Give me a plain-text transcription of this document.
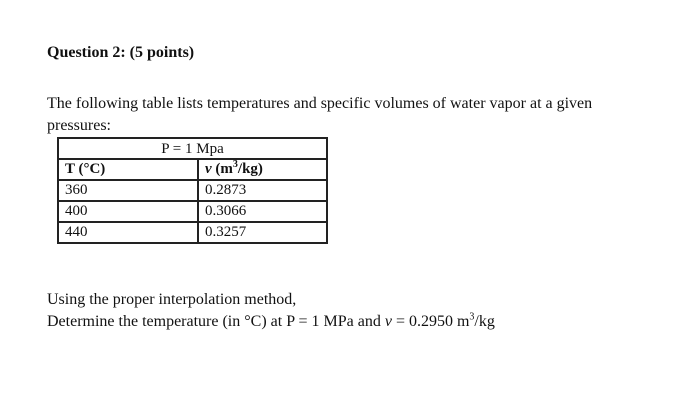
Question 2: (5 points)
The following table lists temperatures and specific volumes of water vapor at a given
pressures:
P = 1 Mpa	
T (°C)	v $(m^3/kg)$
360	0.2873
400	0.3066
440	0.3257
Using the proper interpolation method,
Determine the temperature (in °C) at P = 1 MPa and v = 0.2950 $m^3/kg$
